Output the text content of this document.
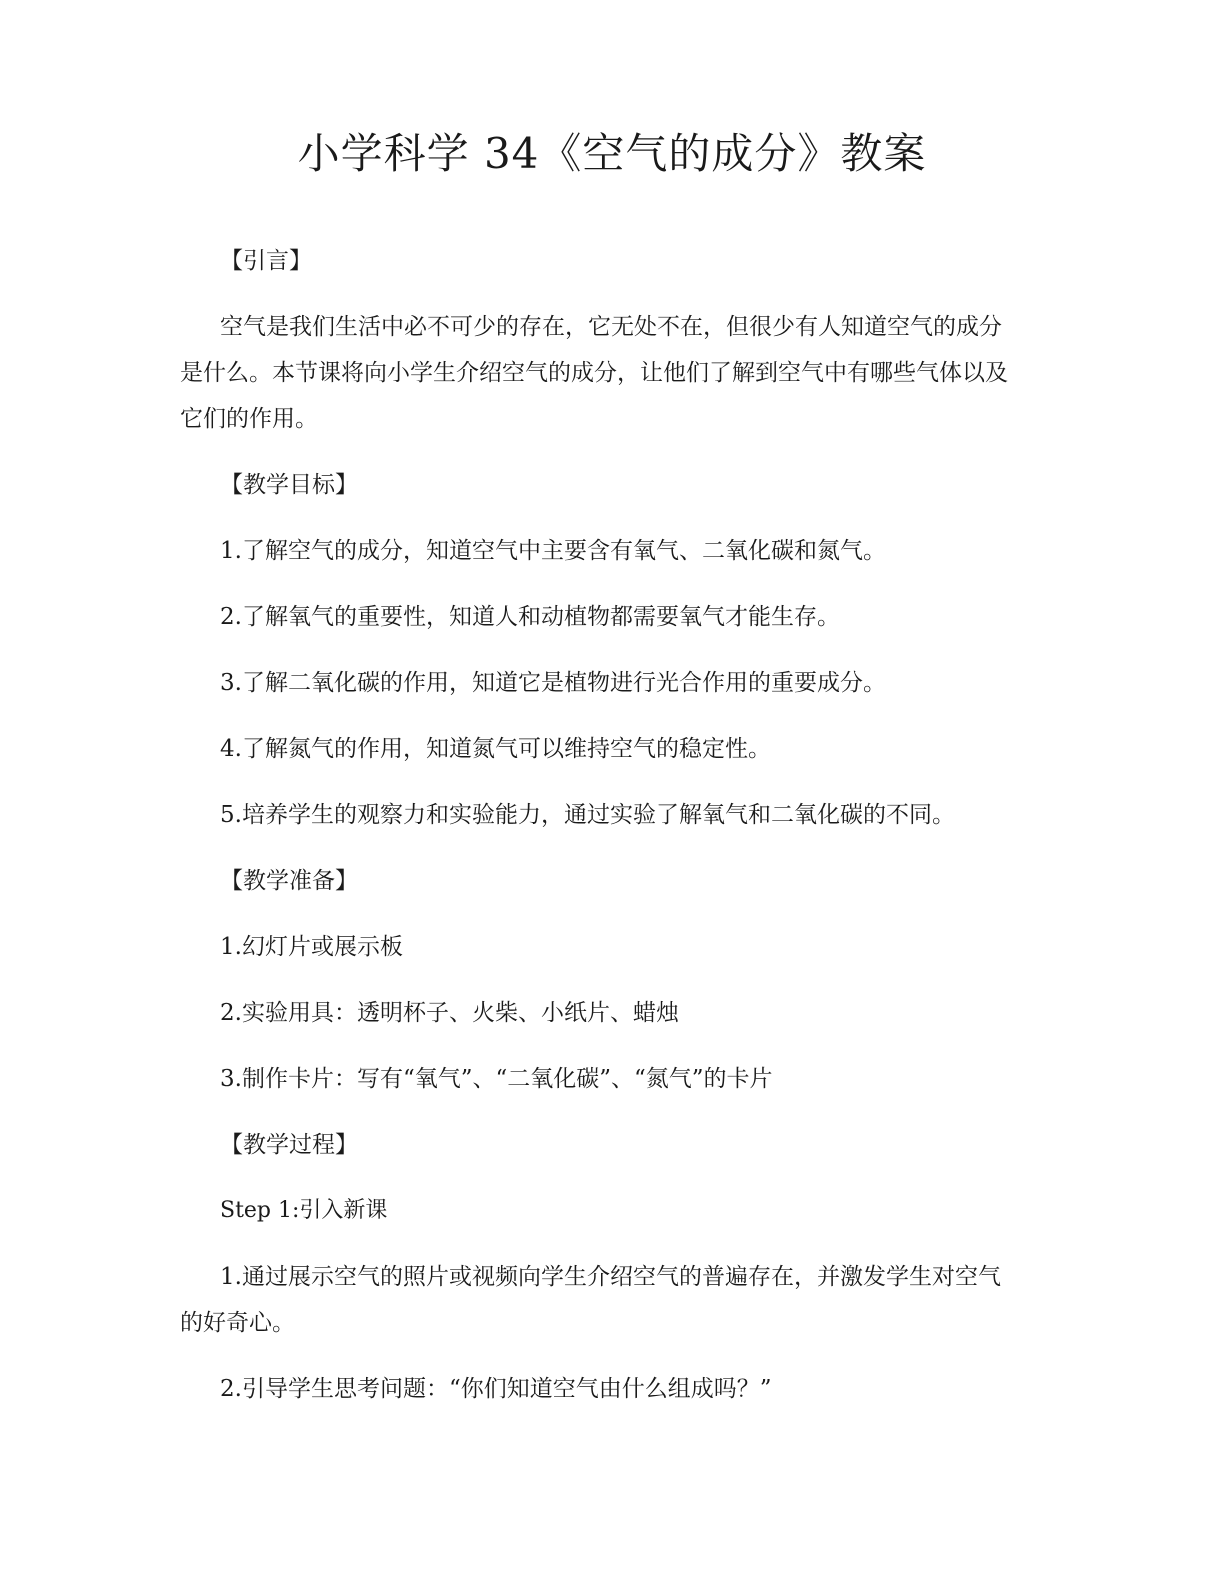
小学科学 34《空气的成分》教案

【引言】

空气是我们生活中必不可少的存在，它无处不在，但很少有人知道空气的成分

是什么。本节课将向小学生介绍空气的成分，让他们了解到空气中有哪些气体以及

它们的作用。

【教学目标】

1.了解空气的成分，知道空气中主要含有氧气、二氧化碳和氮气。

2.了解氧气的重要性，知道人和动植物都需要氧气才能生存。

3.了解二氧化碳的作用，知道它是植物进行光合作用的重要成分。

4.了解氮气的作用，知道氮气可以维持空气的稳定性。

5.培养学生的观察力和实验能力，通过实验了解氧气和二氧化碳的不同。

【教学准备】

1.幻灯片或展示板

2.实验用具：透明杯子、火柴、小纸片、蜡烛

3.制作卡片：写有“氧气”、“二氧化碳”、“氮气”的卡片

【教学过程】

Step 1:引入新课

1.通过展示空气的照片或视频向学生介绍空气的普遍存在，并激发学生对空气

的好奇心。

2.引导学生思考问题：“你们知道空气由什么组成吗？”
